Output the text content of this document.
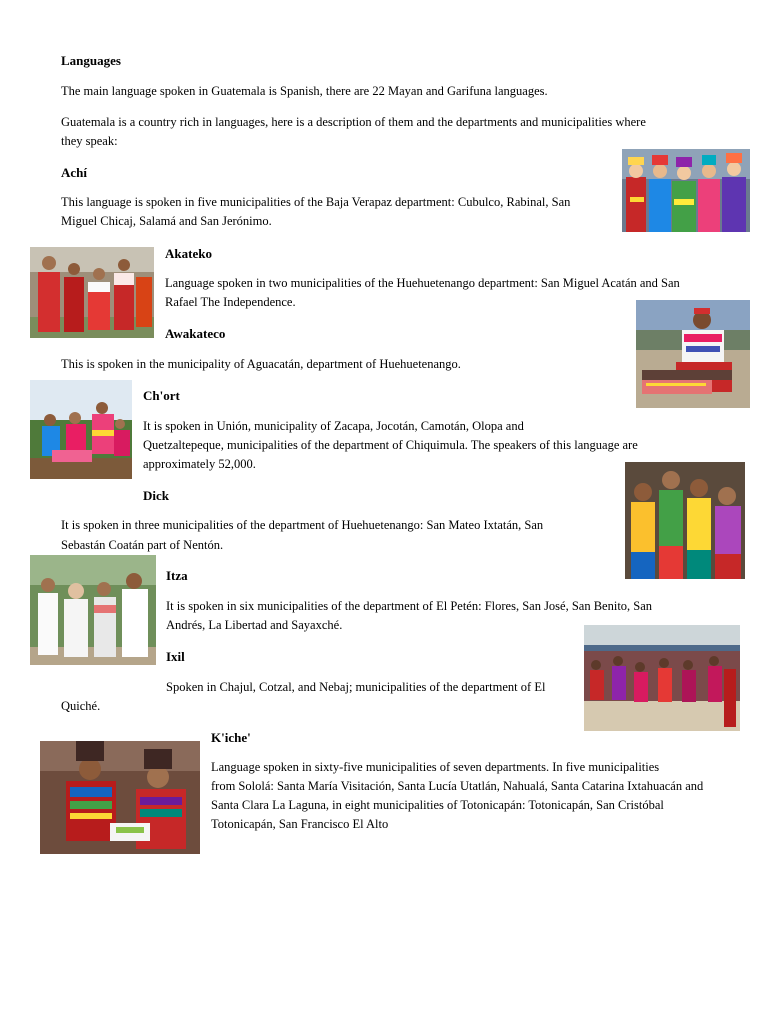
Languages
The main language spoken in Guatemala is Spanish, there are 22 Mayan and Garifuna languages.
Guatemala is a country rich in languages, here is a description of them and the departments and municipalities where
they speak:
Achí
This language is spoken in five municipalities of the Baja Verapaz department: Cubulco, Rabinal, San
Miguel Chicaj, Salamá and San Jerónimo.
Akateko
Language spoken in two municipalities of the Huehuetenango department: San Miguel Acatán and San
Rafael The Independence.
Awakateco
This is spoken in the municipality of Aguacatán, department of Huehuetenango.
Ch'ort
It is spoken in Unión, municipality of Zacapa, Jocotán, Camotán, Olopa and
Quetzaltepeque, municipalities of the department of Chiquimula. The speakers of this language are
approximately 52,000.
Dick
It is spoken in three municipalities of the department of Huehuetenango: San Mateo Ixtatán, San
Sebastán Coatán part of Nentón.
Itza
It is spoken in six municipalities of the department of El Petén: Flores, San José, San Benito, San
Andrés, La Libertad and Sayaxché.
Ixil
Spoken in Chajul, Cotzal, and Nebaj; municipalities of the department of El
Quiché.
K'iche'
Language spoken in sixty-five municipalities of seven departments. In five municipalities
from Sololá: Santa María Visitación, Santa Lucía Utatlán, Nahualá, Santa Catarina Ixtahuacán and
Santa Clara La Laguna, in eight municipalities of Totonicapán: Totonicapán, San Cristóbal
Totonicapán, San Francisco El Alto
